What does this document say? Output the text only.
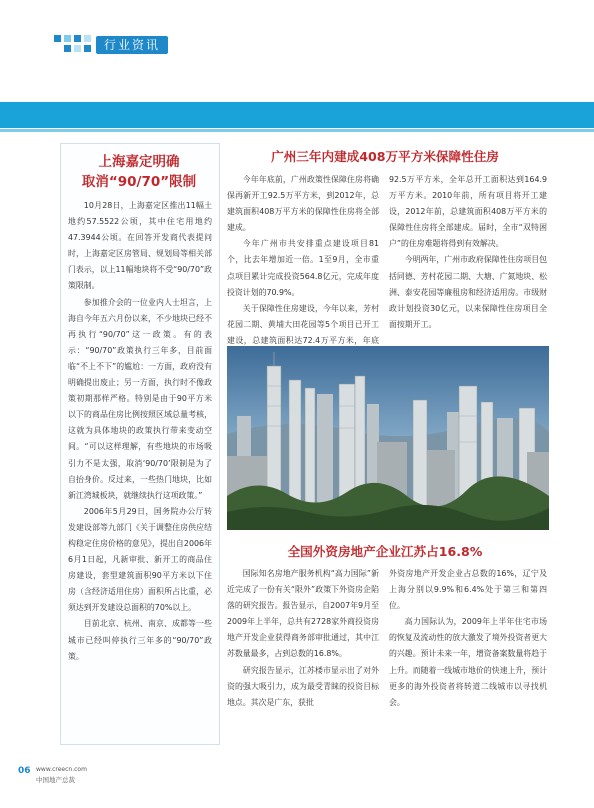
行业资讯
上海嘉定明确
取消“90/70”限制

10月28日，上海嘉定区推出11幅土地约57.5522公顷，其中住宅用地约47.3944公顷。在回答开发商代表提问时，上海嘉定区房管局、规划局等相关部门表示，以上11幅地块将不受“90/70”政策限制。

参加推介会的一位业内人士坦言，上海自今年五六月份以来，不少地块已经不再执行“90/70”这一政策。有的表示：“90/70”政策执行三年多，目前面临“不上不下”的尴尬：一方面，政府没有明确提出废止；另一方面，执行时不像政策初期那样严格。特别是由于90平方米以下的商品住房比例按照区域总量考核，这就为具体地块的政策执行带来变动空间。“可以这样理解，有些地块的市场吸引力不是太强，取消‘90/70’限制是为了自抬身价。反过来，一些热门地块，比如新江湾城板块，就继续执行这项政策。”

2006年5月29日，国务院办公厅转发建设部等九部门《关于调整住房供应结构稳定住房价格的意见》，提出自2006年6月1日起，凡新审批、新开工的商品住房建设，套型建筑面积90平方米以下住房（含经济适用住房）面积所占比重，必须达到开发建设总面积的70%以上。

目前北京、杭州、南京、成都等一些城市已经叫停执行三年多的“90/70”政策。

广州三年内建成408万平方米保障性住房

今年年底前，广州政策性保障住房将确保再新开工92.5万平方米，到2012年，总建筑面积408万平方米的保障性住房将全部建成。

今年广州市共安排重点建设项目81个，比去年增加近一倍。1至9月，全市重点项目累计完成投资564.8亿元，完成年度投资计划的70.9%。

关于保障性住房建设，今年以来，芳村花园二期、黄埔大田花园等5个项目已开工建设，总建筑面积达72.4万平方米，年底

92.5万平方米，全年总开工面积达到164.9万平方米。2010年前，所有项目将开工建设，2012年前，总建筑面积408万平方米的保障性住房将全部建成。届时，全市“双特困户”的住房难题将得到有效解决。

今明两年，广州市政府保障性住房项目包括同德、芳村花园二期、大塘、广氮地块、松洲、泰安花园等廉租房和经济适用房。市级财政计划投资30亿元，以来保障性住房项目全面按期开工。

全国外资房地产企业江苏占16.8%

国际知名房地产服务机构“高力国际”新近完成了一份有关“限外”政策下外资房企陷落的研究报告。报告显示，自2007年9月至2009年上半年，总共有2728家外商投资房地产开发企业获得商务部审批通过，其中江苏数量最多，占到总数的16.8%。

研究报告显示，江苏楼市显示出了对外资的强大吸引力，成为最受青睐的投资目标地点。其次是广东，获批

外资房地产开发企业占总数的16%，辽宁及上海分别以9.9%和6.4%处于第三和第四位。

高力国际认为，2009年上半年住宅市场的恢复及流动性的放大激发了境外投资者更大的兴趣。预计未来一年，增资备案数量将趋于上升。而随着一线城市地价的快速上升，预计更多的海外投资者将转道二线城市以寻找机会。

06 www.creecn.com
中国地产总裁
